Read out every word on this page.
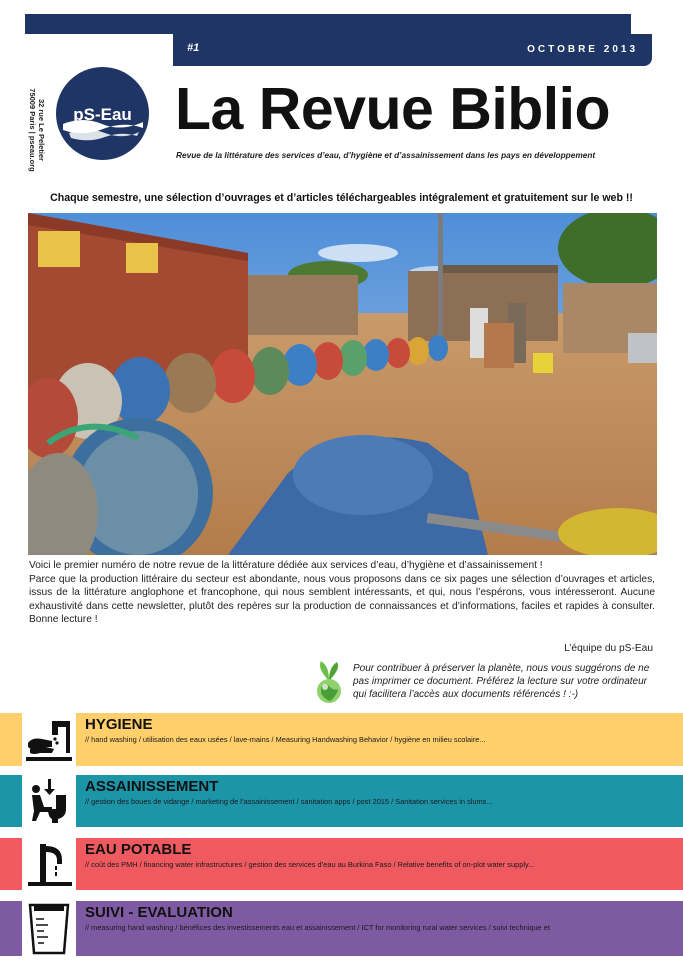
#1	OCTOBRE 2013
32 rue Le Peletier
75009 Paris | pseau.org
pS-Eau La Revue Biblio
Revue de la littérature des services d’eau, d’hygiène et d’assainissement dans les pays en développement
Chaque semestre, une sélection d’ouvrages et d’articles téléchargeables intégralement et gratuitement sur le web !!

Voici le premier numéro de notre revue de la littérature dédiée aux services d’eau, d’hygiène et d’assainissement !

Parce que la production littéraire du secteur est abondante, nous vous proposons dans ce six pages une sélection d’ouvrages et articles, issus de la littérature anglophone et francophone, qui nous semblent intéressants, et qui, nous l’espérons, vous intéresseront. Aucune exhaustivité dans cette newsletter, plutôt des repères sur la production de connaissances et d’informations, faciles et rapides à consulter. Bonne lecture !

L’équipe du pS-Eau
Pour contribuer à préserver la planète, nous vous suggérons de ne pas imprimer ce document. Préférez la lecture sur votre ordinateur qui facilitera l’accès aux documents référencés ! :-)
HYGIENE
// hand washing / utilisation des eaux usées / lave-mains / Measuring Handwashing Behavior / hygiène en milieu scolaire...
ASSAINISSEMENT
// gestion des boues de vidange / marketing de l’assainissement / sanitation apps / post 2015 / Sanitation services in slums...
EAU POTABLE
// coût des PMH / financing water infrastructures / gestion des services d’eau au Burkina Faso / Relative benefits of on-plot water supply...
SUIVI - EVALUATION
// measuring hand washing / bénéfices des investissements eau et assainissement / ICT for monitoring rural water services / suivi technique et
